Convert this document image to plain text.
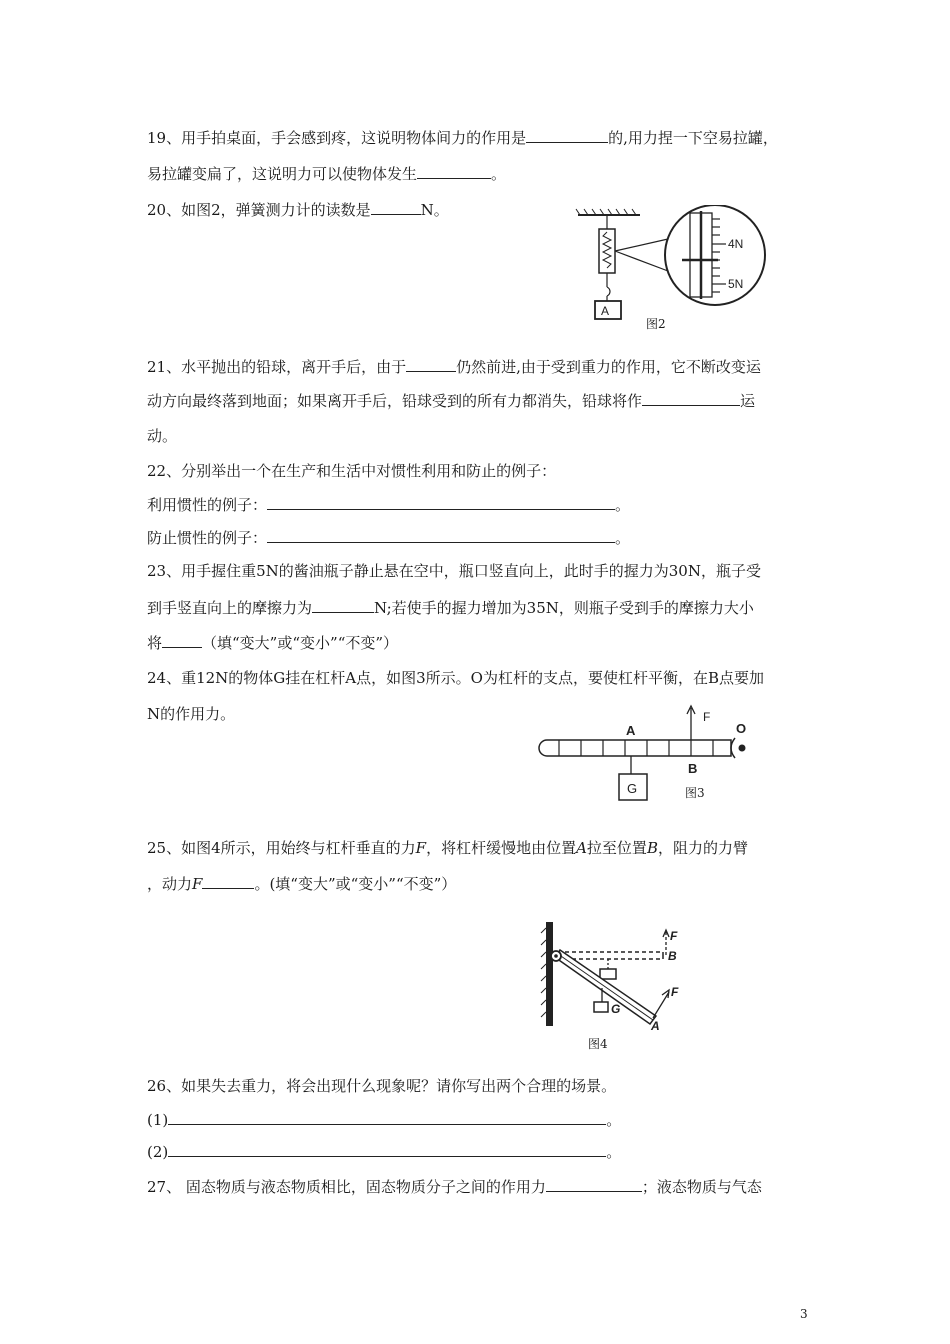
19、用手拍桌面，手会感到疼，这说明物体间力的作用是	的,用力捏一下空易拉罐，
易拉罐变扁了，这说明力可以使物体发生	。
20、如图2，弹簧测力计的读数是	N。
4N
5N
A
图2
21、水平抛出的铅球，离开手后，由于	仍然前进,由于受到重力的作用，它不断改变运
动方向最终落到地面；如果离开手后，铅球受到的所有力都消失，铅球将作	运
动。
22、分别举出一个在生产和生活中对惯性利用和防止的例子：
利用惯性的例子：	。
防止惯性的例子：	。
23、用手握住重5N的酱油瓶子静止悬在空中，瓶口竖直向上，此时手的握力为30N，瓶子受
到手竖直向上的摩擦力为	N;若使手的握力增加为35N，则瓶子受到手的摩擦力大小
将	（填“变大”或“变小”“不变”）
24、重12N的物体G挂在杠杆A点，如图3所示。O为杠杆的支点，要使杠杆平衡，在B点要加
N的作用力。
A
B
F
O
G	图3
25、如图4所示，用始终与杠杆垂直的力F，将杠杆缓慢地由位置A拉至位置B，阻力的力臂
，动力F	。(填“变大”或“变小”“不变”）
F
B
G
F
A
图4
26、如果失去重力，将会出现什么现象呢？请你写出两个合理的场景。
(1)	。
(2)	。
27、 固态物质与液态物质相比，固态物质分子之间的作用力	；液态物质与气态
3
